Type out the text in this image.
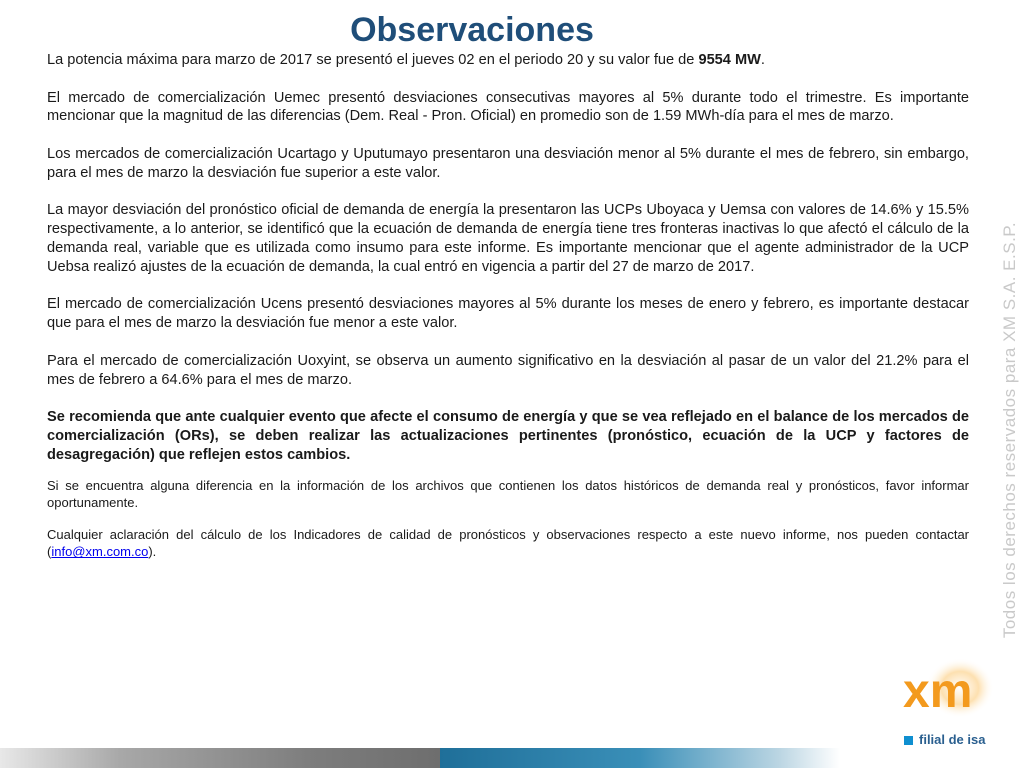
Observaciones

La potencia máxima para marzo de 2017 se presentó el jueves 02 en el periodo 20 y su valor fue de 9554 MW.

El mercado de comercialización Uemec presentó desviaciones consecutivas mayores al 5% durante todo el trimestre. Es importante mencionar que la magnitud de las diferencias (Dem. Real - Pron. Oficial) en promedio son de 1.59 MWh-día para el mes de marzo.

Los mercados de comercialización Ucartago y Uputumayo presentaron una desviación menor al 5% durante el mes de febrero, sin embargo, para el mes de marzo la desviación fue superior a este valor.

La mayor desviación del pronóstico oficial de demanda de energía la presentaron las UCPs Uboyaca y Uemsa con valores de 14.6% y 15.5% respectivamente, a lo anterior, se identificó que la ecuación de demanda de energía tiene tres fronteras inactivas lo que afectó el cálculo de la demanda real, variable que es utilizada como insumo para este informe. Es importante mencionar que el agente administrador de la UCP Uebsa realizó ajustes de la ecuación de demanda, la cual entró en vigencia a partir del 27 de marzo de 2017.

El mercado de comercialización Ucens presentó desviaciones mayores al 5% durante los meses de enero y febrero, es importante destacar que para el mes de marzo la desviación fue menor a este valor.

Para el mercado de comercialización Uoxyint, se observa un aumento significativo en la desviación al pasar de un valor del 21.2% para el mes de febrero a 64.6% para el mes de marzo.

Se recomienda que ante cualquier evento que afecte el consumo de energía y que se vea reflejado en el balance de los mercados de comercialización (ORs), se deben realizar las actualizaciones pertinentes (pronóstico, ecuación de la UCP y factores de desagregación) que reflejen estos cambios.

Si se encuentra alguna diferencia en la información de los archivos que contienen los datos históricos de demanda real y pronósticos, favor informar oportunamente.

Cualquier aclaración del cálculo de los Indicadores de calidad de pronósticos y observaciones respecto a este nuevo informe, nos pueden contactar (info@xm.com.co).	Todos los derechos reservados para XM S.A. E.S.P.
xm
filial de isa
